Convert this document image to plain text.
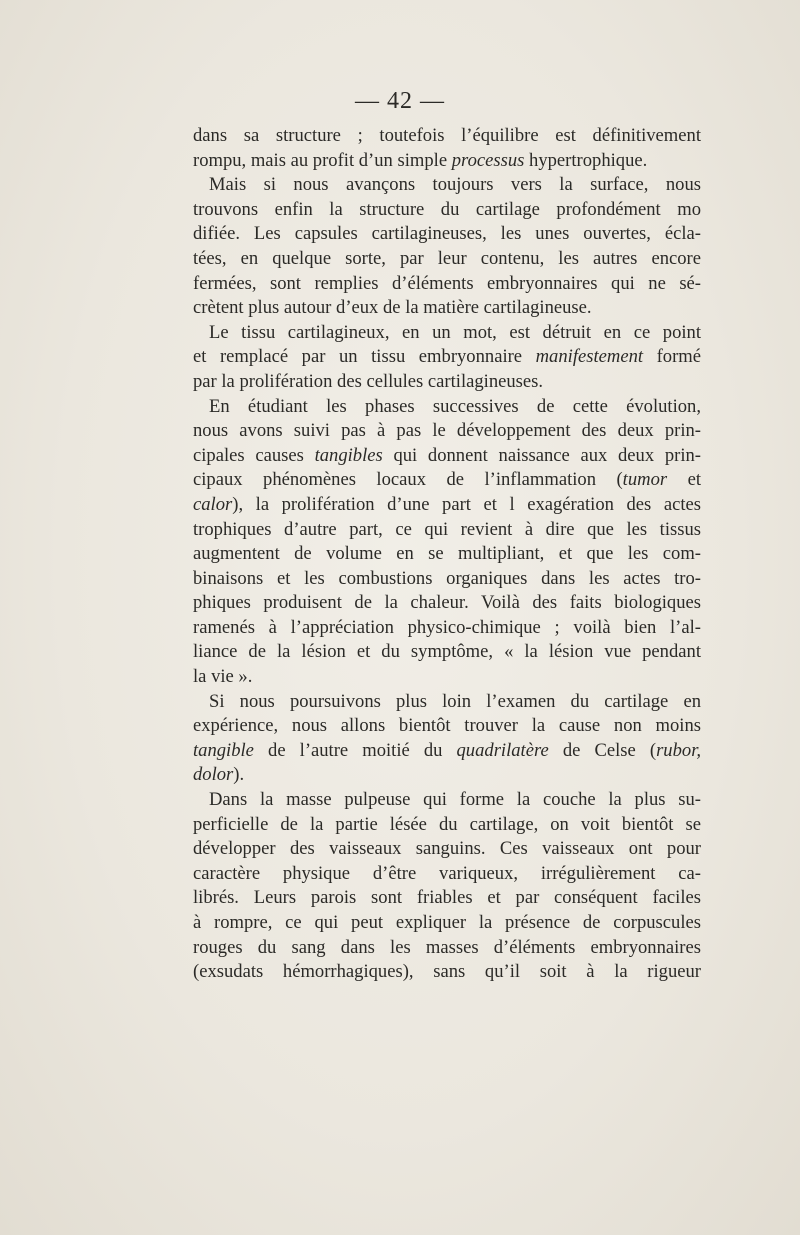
— 42 —
dans sa structure ; toutefois l’équilibre est définitivement
rompu, mais au profit d’un simple processus hypertrophique.
Mais si nous avançons toujours vers la surface, nous
trouvons enfin la structure du cartilage profondément mo
difiée. Les capsules cartilagineuses, les unes ouvertes, écla-
tées, en quelque sorte, par leur contenu, les autres encore
fermées, sont remplies d’éléments embryonnaires qui ne sé-
crètent plus autour d’eux de la matière cartilagineuse.
Le tissu cartilagineux, en un mot, est détruit en ce point
et remplacé par un tissu embryonnaire manifestement formé
par la prolifération des cellules cartilagineuses.
En étudiant les phases successives de cette évolution,
nous avons suivi pas à pas le développement des deux prin-
cipales causes tangibles qui donnent naissance aux deux prin-
cipaux phénomènes locaux de l’inflammation (tumor et
calor), la prolifération d’une part et l exagération des actes
trophiques d’autre part, ce qui revient à dire que les tissus
augmentent de volume en se multipliant, et que les com-
binaisons et les combustions organiques dans les actes tro-
phiques produisent de la chaleur. Voilà des faits biologiques
ramenés à l’appréciation physico-chimique ; voilà bien l’al-
liance de la lésion et du symptôme, « la lésion vue pendant
la vie ».
Si nous poursuivons plus loin l’examen du cartilage en
expérience, nous allons bientôt trouver la cause non moins
tangible de l’autre moitié du quadrilatère de Celse (rubor,
dolor).
Dans la masse pulpeuse qui forme la couche la plus su-
perficielle de la partie lésée du cartilage, on voit bientôt se
développer des vaisseaux sanguins. Ces vaisseaux ont pour
caractère physique d’être variqueux, irrégulièrement ca-
librés. Leurs parois sont friables et par conséquent faciles
à rompre, ce qui peut expliquer la présence de corpuscules
rouges du sang dans les masses d’éléments embryonnaires
(exsudats hémorrhagiques), sans qu’il soit à la rigueur
